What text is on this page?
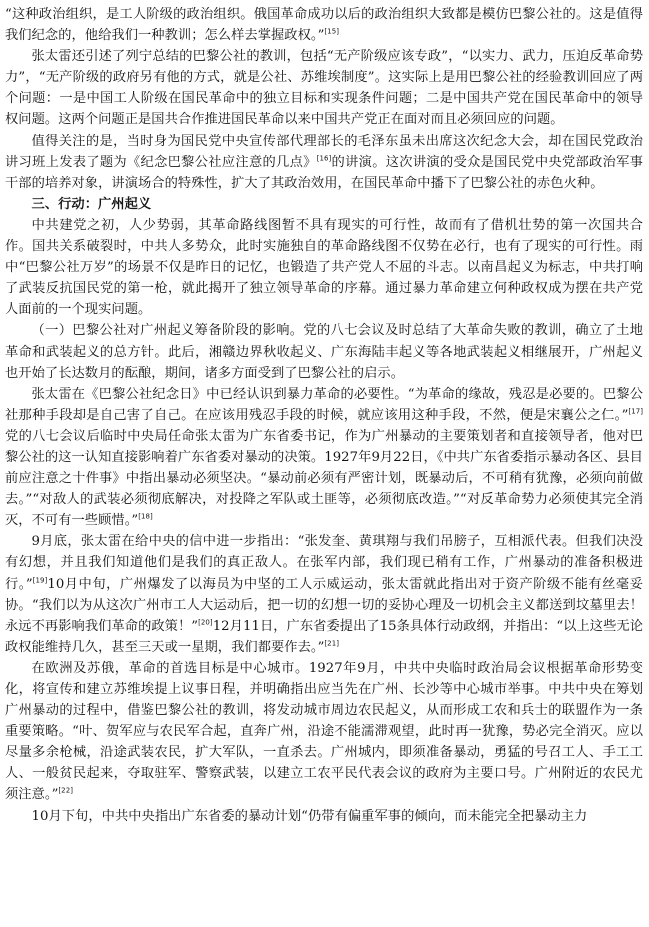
“这种政治组织，是工人阶级的政治组织。俄国革命成功以后的政治组织大致都是模仿巴黎公社的。这是值得我们纪念的，他给我们一种教训；怎么样去掌握政权。”[15]

张太雷还引述了列宁总结的巴黎公社的教训，包括“无产阶级应该专政”，“以实力、武力，压迫反革命势力”，“无产阶级的政府另有他的方式，就是公社、苏维埃制度”。这实际上是用巴黎公社的经验教训回应了两个问题：一是中国工人阶级在国民革命中的独立目标和实现条件问题；二是中国共产党在国民革命中的领导权问题。这两个问题正是国共合作推进国民革命以来中国共产党正在面对而且必须回应的问题。

值得关注的是，当时身为国民党中央宣传部代理部长的毛泽东虽未出席这次纪念大会，却在国民党政治讲习班上发表了题为《纪念巴黎公社应注意的几点》[16]的讲演。这次讲演的受众是国民党中央党部政治军事干部的培养对象，讲演场合的特殊性，扩大了其政治效用，在国民革命中播下了巴黎公社的赤色火种。

三、行动：广州起义

中共建党之初，人少势弱，其革命路线图暂不具有现实的可行性，故而有了借机壮势的第一次国共合作。国共关系破裂时，中共人多势众，此时实施独自的革命路线图不仅势在必行，也有了现实的可行性。雨中“巴黎公社万岁”的场景不仅是昨日的记忆，也锻造了共产党人不屈的斗志。以南昌起义为标志，中共打响了武装反抗国民党的第一枪，就此揭开了独立领导革命的序幕。通过暴力革命建立何种政权成为摆在共产党人面前的一个现实问题。

（一）巴黎公社对广州起义筹备阶段的影响。党的八七会议及时总结了大革命失败的教训，确立了土地革命和武装起义的总方针。此后，湘赣边界秋收起义、广东海陆丰起义等各地武装起义相继展开，广州起义也开始了长达数月的酝酿，期间，诸多方面受到了巴黎公社的启示。

张太雷在《巴黎公社纪念日》中已经认识到暴力革命的必要性。“为革命的缘故，残忍是必要的。巴黎公社那种手段却是自己害了自己。在应该用残忍手段的时候，就应该用这种手段，不然，便是宋襄公之仁。”[17]党的八七会议后临时中央局任命张太雷为广东省委书记，作为广州暴动的主要策划者和直接领导者，他对巴黎公社的这一认知直接影响着广东省委对暴动的决策。1927年9月22日，《中共广东省委指示暴动各区、县目前应注意之十件事》中指出暴动必须坚决。“暴动前必须有严密计划，既暴动后，不可稍有犹豫，必须向前做去。”“对敌人的武装必须彻底解决，对投降之军队或土匪等，必须彻底改造。”“对反革命势力必须使其完全消灭，不可有一些顾惜。”[18]

9月底，张太雷在给中央的信中进一步指出：“张发奎、黄琪翔与我们吊膀子，互相派代表。但我们决没有幻想，并且我们知道他们是我们的真正敌人。在张军内部，我们现已稍有工作，广州暴动的准备积极进行。”[19]10月中旬，广州爆发了以海员为中坚的工人示威运动，张太雷就此指出对于资产阶级不能有丝毫妥协。“我们以为从这次广州市工人大运动后，把一切的幻想一切的妥协心理及一切机会主义都送到坟墓里去！永远不再影响我们革命的政策！”[20]12月11日，广东省委提出了15条具体行动政纲，并指出：“以上这些无论政权能维持几久，甚至三天或一星期，我们都要作去。”[21]

在欧洲及苏俄，革命的首选目标是中心城市。1927年9月，中共中央临时政治局会议根据革命形势变化，将宣传和建立苏维埃提上议事日程，并明确指出应当先在广州、长沙等中心城市举事。中共中央在筹划广州暴动的过程中，借鉴巴黎公社的教训，将发动城市周边农民起义，从而形成工农和兵士的联盟作为一条重要策略。“叶、贺军应与农民军合起，直奔广州，沿途不能濡滞观望，此时再一犹豫，势必完全消灭。应以尽量多余枪械，沿途武装农民，扩大军队，一直杀去。广州城内，即须准备暴动，勇猛的号召工人、手工工人、一般贫民起来，夺取驻军、警察武装，以建立工农平民代表会议的政府为主要口号。广州附近的农民尤须注意。”[22]

10月下旬，中共中央指出广东省委的暴动计划“仍带有偏重军事的倾向，而未能完全把暴动主力
